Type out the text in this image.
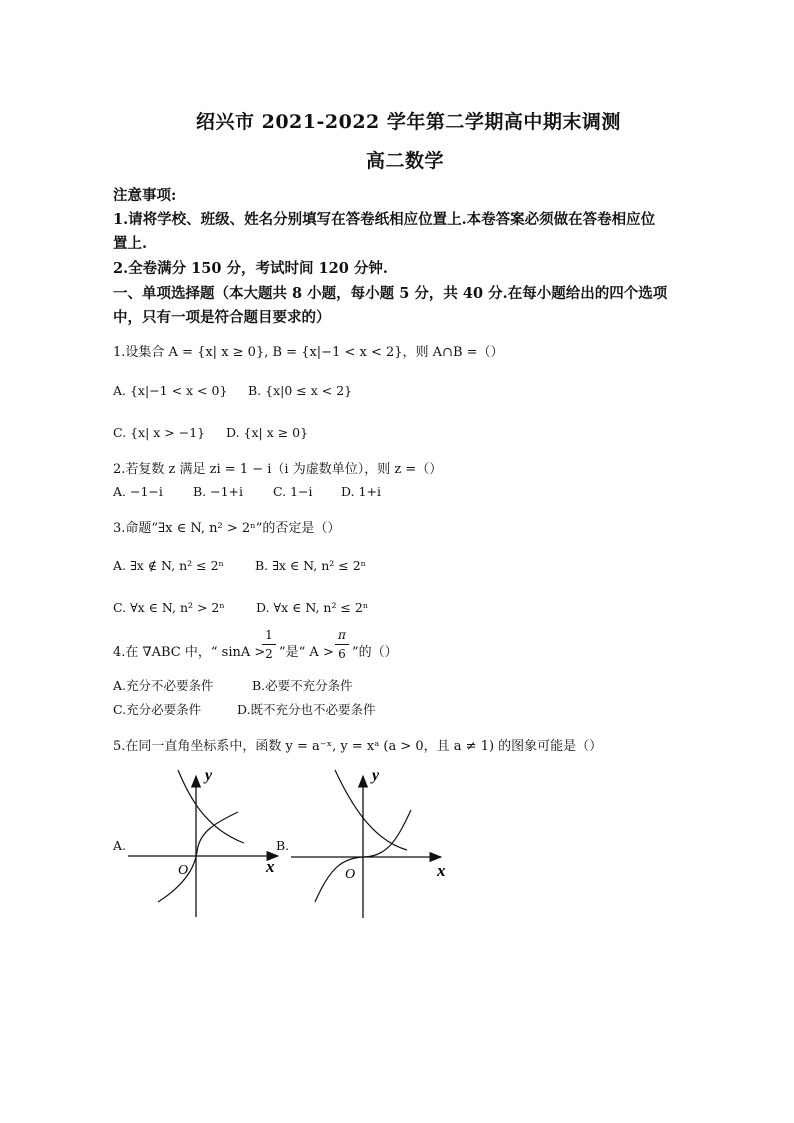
绍兴市 2021-2022 学年第二学期高中期末调测
高二数学
注意事项:
1.请将学校、班级、姓名分别填写在答卷纸相应位置上.本卷答案必须做在答卷相应位
置上.
2.全卷满分 150 分，考试时间 120 分钟.
一、单项选择题（本大题共 8 小题，每小题 5 分，共 40 分.在每小题给出的四个选项
中，只有一项是符合题目要求的）
1.设集合 A = {x| x ≥ 0}, B = {x|−1 < x < 2}，则 A∩B =（）
A. {x|−1 < x < 0} B. {x|0 ≤ x < 2}
C. {x| x > −1} D. {x| x ≥ 0}
2.若复数 z 满足 zi = 1 − i（i 为虚数单位），则 z =（）
A. −1−i B. −1+i C. 1−i D. 1+i
3.命题“∃x ∈ N, n² > 2ⁿ”的否定是（）
A. ∃x ∉ N, n² ≤ 2ⁿ B. ∃x ∈ N, n² ≤ 2ⁿ
C. ∀x ∈ N, n² > 2ⁿ D. ∀x ∈ N, n² ≤ 2ⁿ
4.在 ∇ABC 中，“ sinA >
1
2 ”是“ A >
π
6 ”的（）
A.充分不必要条件	B.必要不充分条件
C.充分必要条件	D.既不充分也不必要条件
5.在同一直角坐标系中，函数 y = a⁻ˣ, y = xᵃ (a > 0，且 a ≠ 1) 的图象可能是（）
A.	B.
y
x
O
y
x
O
